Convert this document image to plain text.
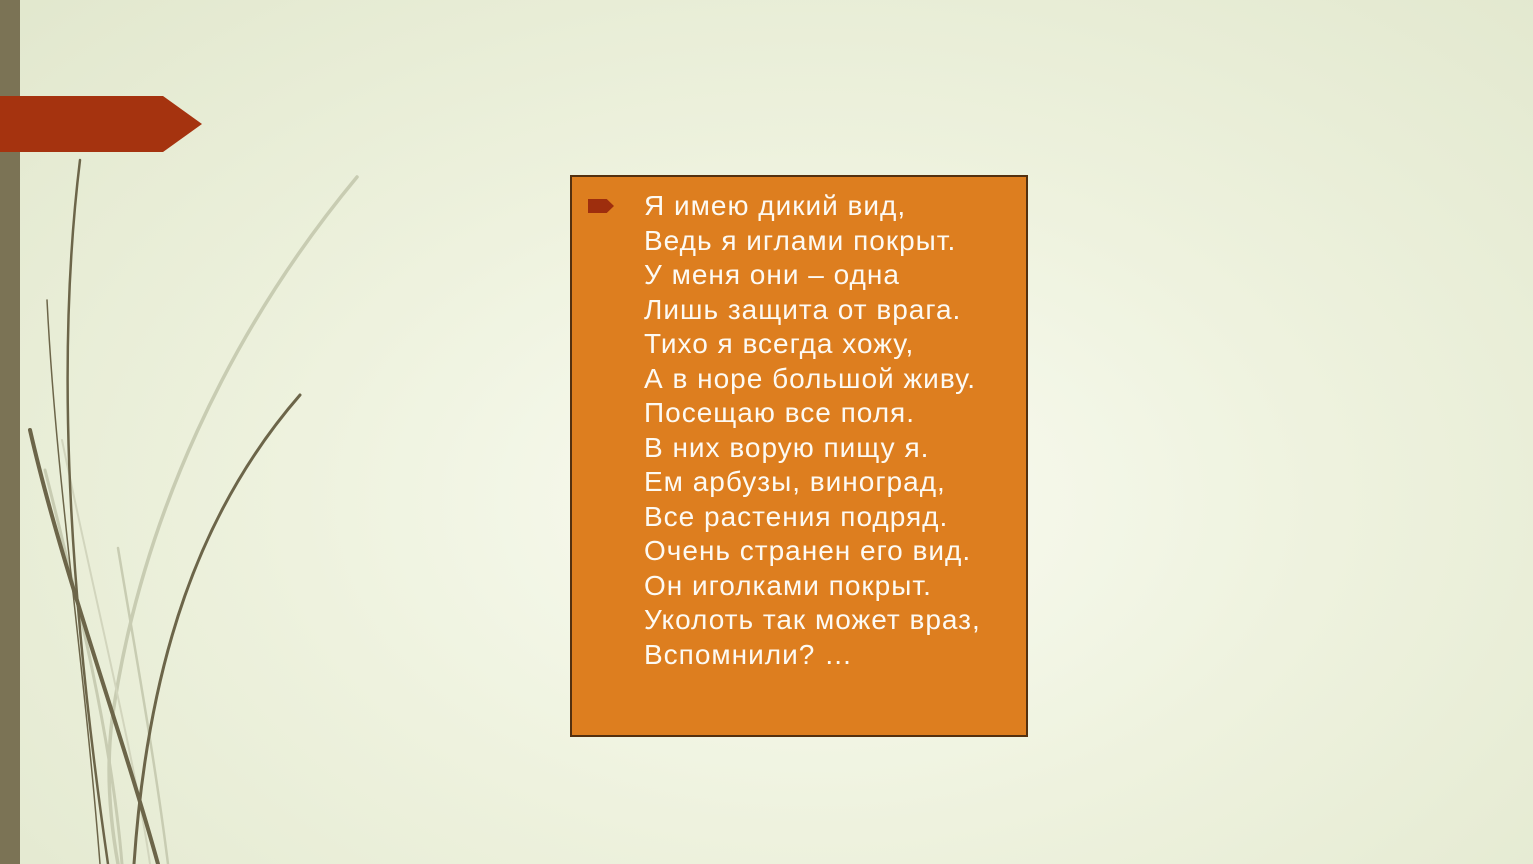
Я имею дикий вид,
Ведь я иглами покрыт.
У меня они – одна
Лишь защита от врага.
Тихо я всегда хожу,
А в норе большой живу.
Посещаю все поля.
В них ворую пищу я.
Ем арбузы, виноград,
Все растения подряд.
Очень странен его вид.
Он иголками покрыт.
Уколоть так может враз,
Вспомнили? …
